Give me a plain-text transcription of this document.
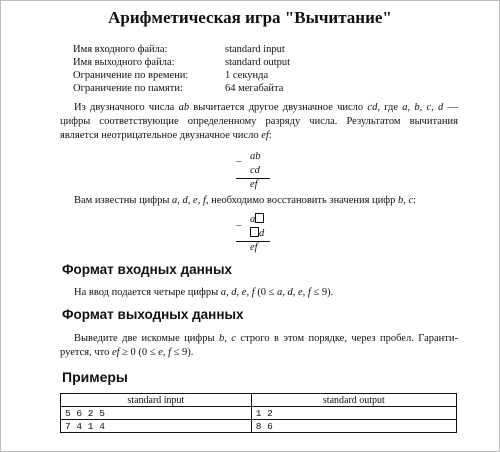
Арифметическая игра "Вычитание"
Имя входного файла:	standard input
Имя выходного файла:	standard output
Ограничение по времени:	1 секунда
Ограничение по памяти:	64 мегабайта
Из двузначного числа ab вычитается другое двузначное число cd, где a, b, c, d — цифры соответствующие определенному разряду числа. Результатом вычитания является неотрицательное двузначное число ef:
−
ab
cd
ef
Вам известны цифры a, d, e, f, необходимо восстановить значения цифр b, c:
−
a
d
ef
Формат входных данных
На ввод подается четыре цифры a, d, e, f (0 ≤ a, d, e, f ≤ 9).
Формат выходных данных
Выведите две искомые цифры b, c строго в этом порядке, через пробел. Гаранти-руется, что ef ≥ 0 (0 ≤ e, f ≤ 9).
Примеры
standard input	standard output
5 6 2 5	1 2
7 4 1 4	8 6
